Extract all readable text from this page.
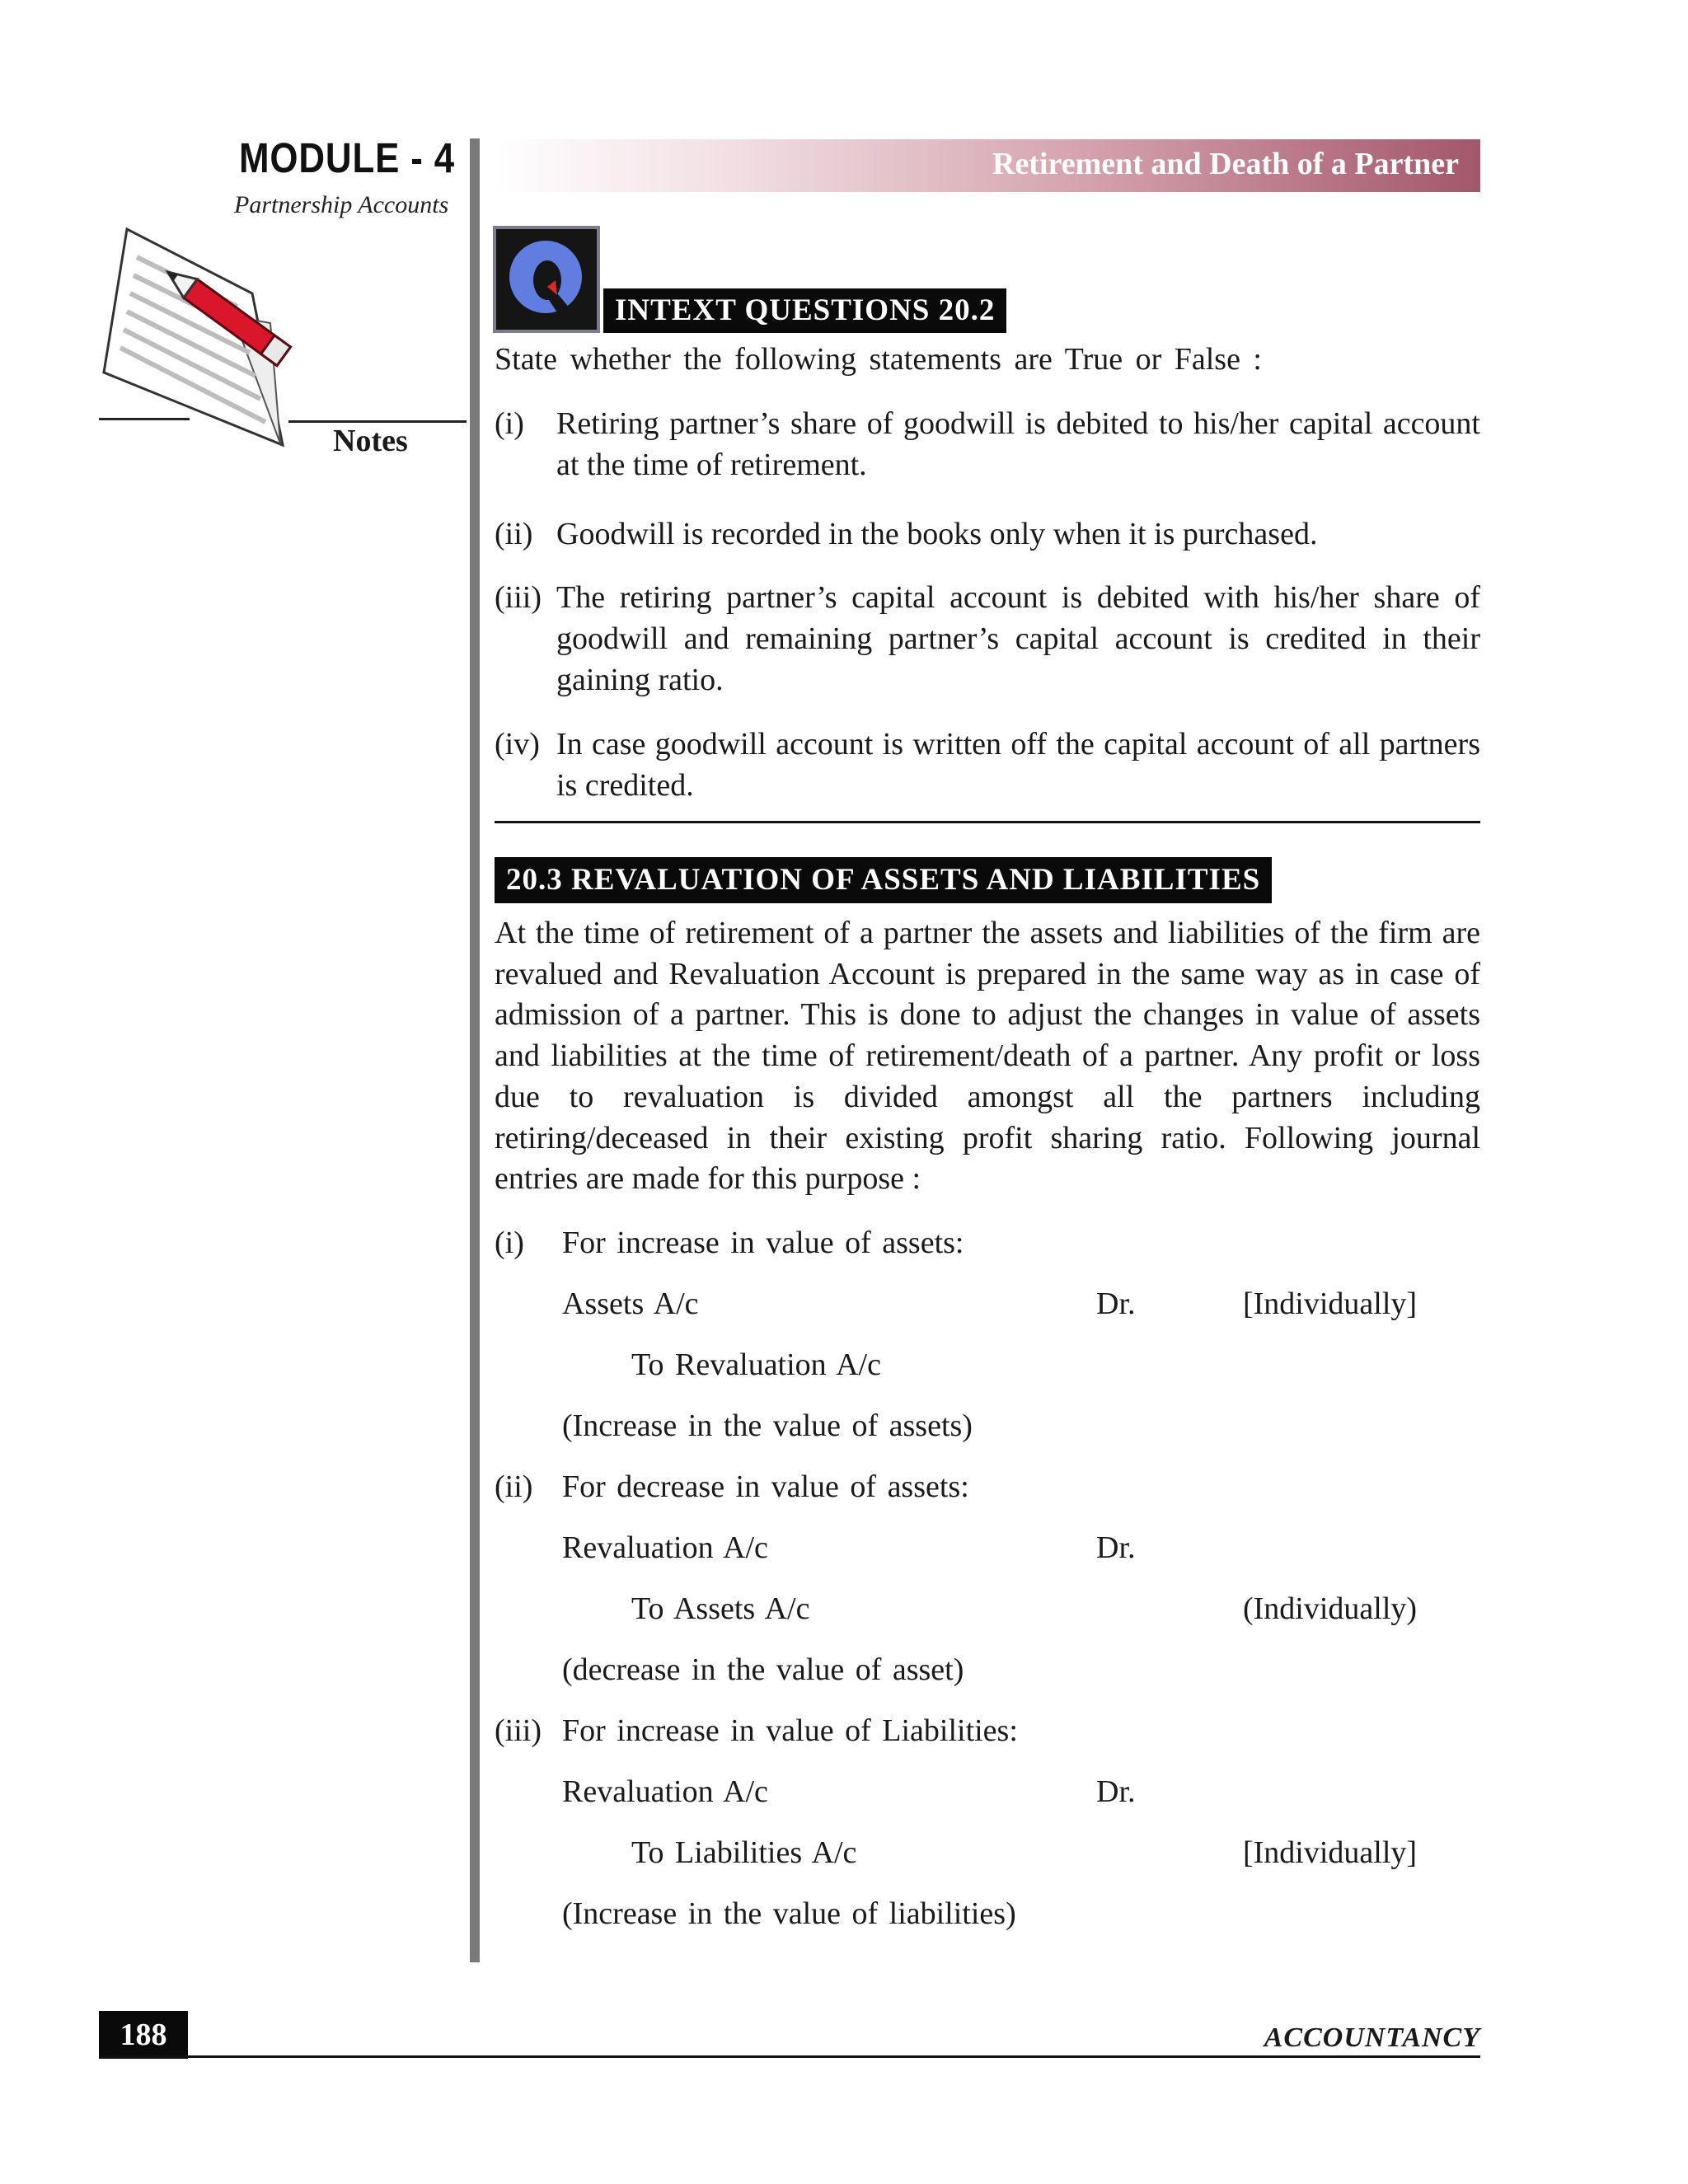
MODULE - 4
Partnership Accounts
Notes
Retirement and Death of a Partner
INTEXT QUESTIONS 20.2
State whether the following statements are True or False :
(i) Retiring partner’s share of goodwill is debited to his/her capital account at the time of retirement.
(ii) Goodwill is recorded in the books only when it is purchased.
(iii) The retiring partner’s capital account is debited with his/her share of goodwill and remaining partner’s capital account is credited in their gaining ratio.
(iv) In case goodwill account is written off the capital account of all partners is credited.
20.3 REVALUATION OF ASSETS AND LIABILITIES
At the time of retirement of a partner the assets and liabilities of the firm are revalued and Revaluation Account is prepared in the same way as in case of admission of a partner. This is done to adjust the changes in value of assets and liabilities at the time of retirement/death of a partner. Any profit or loss due to revaluation is divided amongst all the partners including retiring/deceased in their existing profit sharing ratio. Following journal entries are made for this purpose :
(i) For increase in value of assets:
Assets A/c	Dr.	[Individually]
To Revaluation A/c
(Increase in the value of assets)
(ii) For decrease in value of assets:
Revaluation A/c	Dr.
To Assets A/c	(Individually)
(decrease in the value of asset)
(iii) For increase in value of Liabilities:
Revaluation A/c	Dr.
To Liabilities A/c	[Individually]
(Increase in the value of liabilities)
188	ACCOUNTANCY
